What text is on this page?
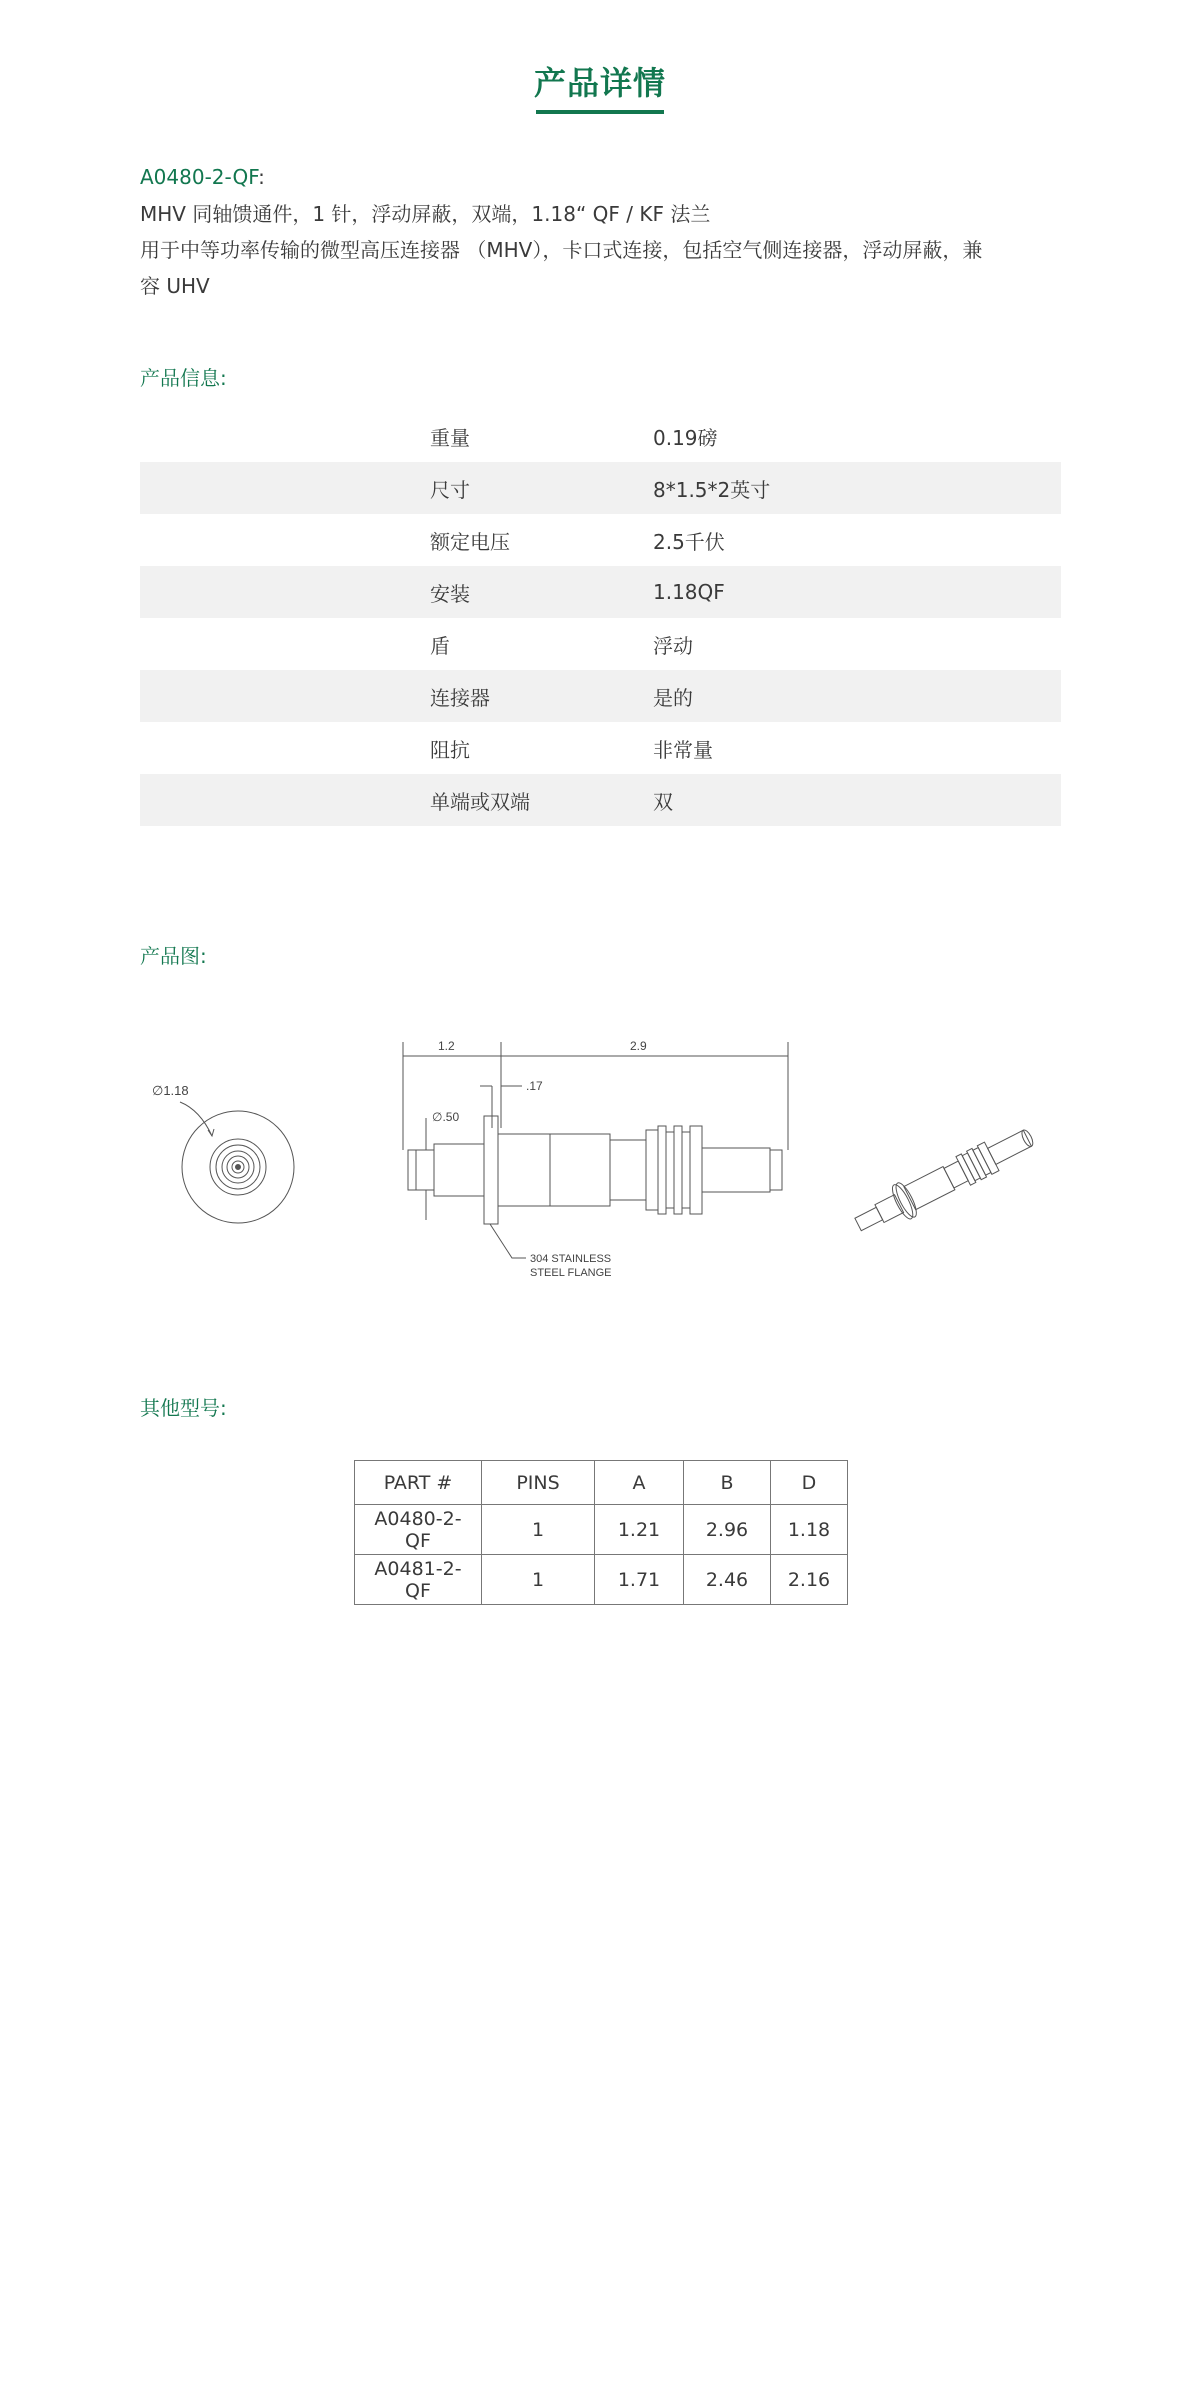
产品详情
A0480-2-QF:
MHV 同轴馈通件，1 针，浮动屏蔽，双端，1.18“ QF / KF 法兰
用于中等功率传输的微型高压连接器 （MHV），卡口式连接，包括空气侧连接器，浮动屏蔽，兼
容 UHV
产品信息:
重量	0.19磅
尺寸	8*1.5*2英寸
额定电压	2.5千伏
安装	1.18QF
盾	浮动
连接器	是的
阻抗	非常量
单端或双端	双
产品图:
∅1.18
1.2	2.9
.17
∅.50
304 STAINLESS
STEEL FLANGE
其他型号:
PART #	PINS	A	B	D
A0480-2-QF	1	1.21	2.96	1.18
A0481-2-QF	1	1.71	2.46	2.16
